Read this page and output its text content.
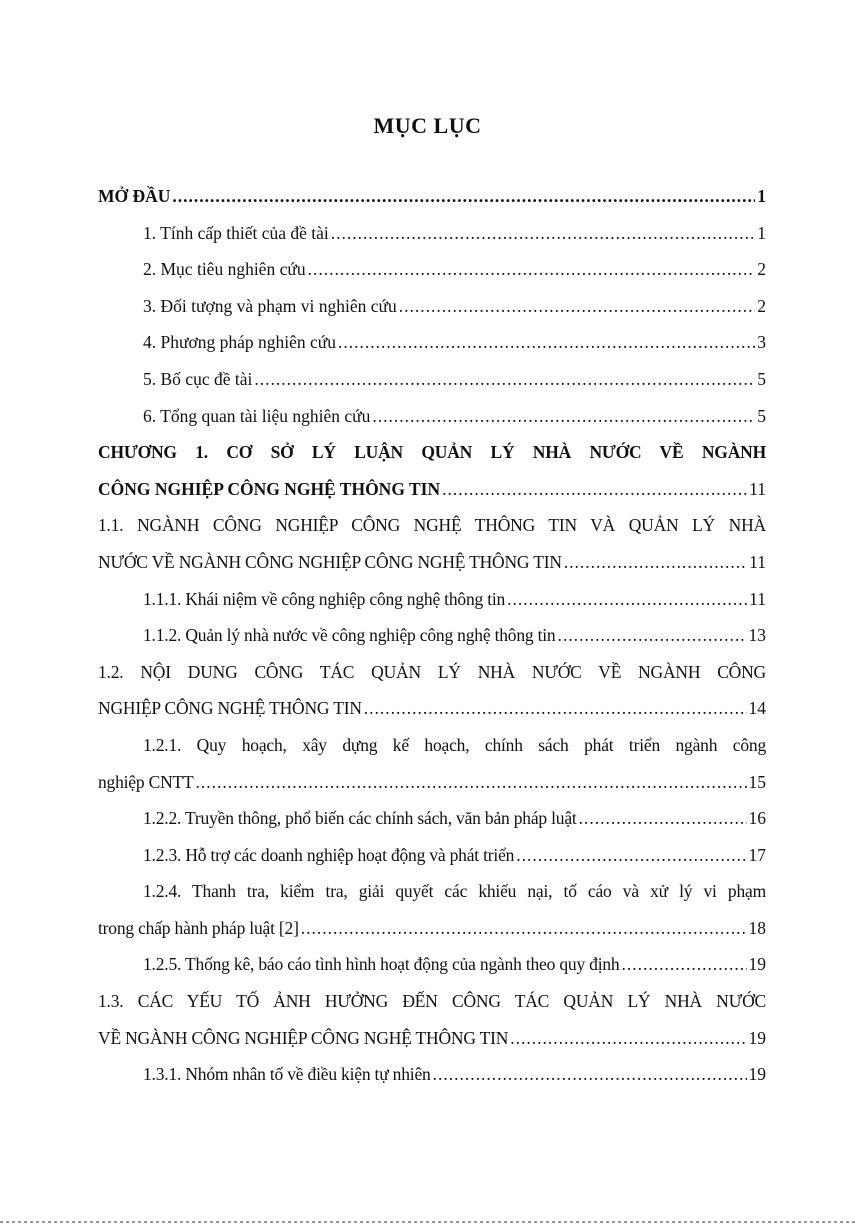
MỤC LỤC
MỞ ĐẦU .....	1
1. Tính cấp thiết của đề tài .....	1
2. Mục tiêu nghiên cứu .....	2
3. Đối tượng và phạm vi nghiên cứu .....	2
4. Phương pháp nghiên cứu .....	3
5. Bố cục đề tài .....	5
6. Tổng quan tài liệu nghiên cứu .....	5
CHƯƠNG 1. CƠ SỞ LÝ LUẬN QUẢN LÝ NHÀ NƯỚC VỀ NGÀNH
CÔNG NGHIỆP CÔNG NGHỆ THÔNG TIN .....	11
1.1. NGÀNH CÔNG NGHIỆP CÔNG NGHỆ THÔNG TIN VÀ QUẢN LÝ NHÀ
NƯỚC VỀ NGÀNH CÔNG NGHIỆP CÔNG NGHỆ THÔNG TIN .....	11
1.1.1. Khái niệm về công nghiệp công nghệ thông tin .....	11
1.1.2. Quản lý nhà nước về công nghiệp công nghệ thông tin .....	13
1.2. NỘI DUNG CÔNG TÁC QUẢN LÝ NHÀ NƯỚC VỀ NGÀNH CÔNG
NGHIỆP CÔNG NGHỆ THÔNG TIN .....	14
1.2.1. Quy hoạch, xây dựng kế hoạch, chính sách phát triển ngành công
nghiệp CNTT .....	15
1.2.2. Truyền thông, phổ biến các chính sách, văn bản pháp luật .....	16
1.2.3. Hỗ trợ các doanh nghiệp hoạt động và phát triển .....	17
1.2.4. Thanh tra, kiểm tra, giải quyết các khiếu nại, tố cáo và xử lý vi phạm
trong chấp hành pháp luật [2] .....	18
1.2.5. Thống kê, báo cáo tình hình hoạt động của ngành theo quy định .....	19
1.3. CÁC YẾU TỐ ẢNH HƯỞNG ĐẾN CÔNG TÁC QUẢN LÝ NHÀ NƯỚC
VỀ NGÀNH CÔNG NGHIỆP CÔNG NGHỆ THÔNG TIN .....	19
1.3.1. Nhóm nhân tố về điều kiện tự nhiên .....	19
